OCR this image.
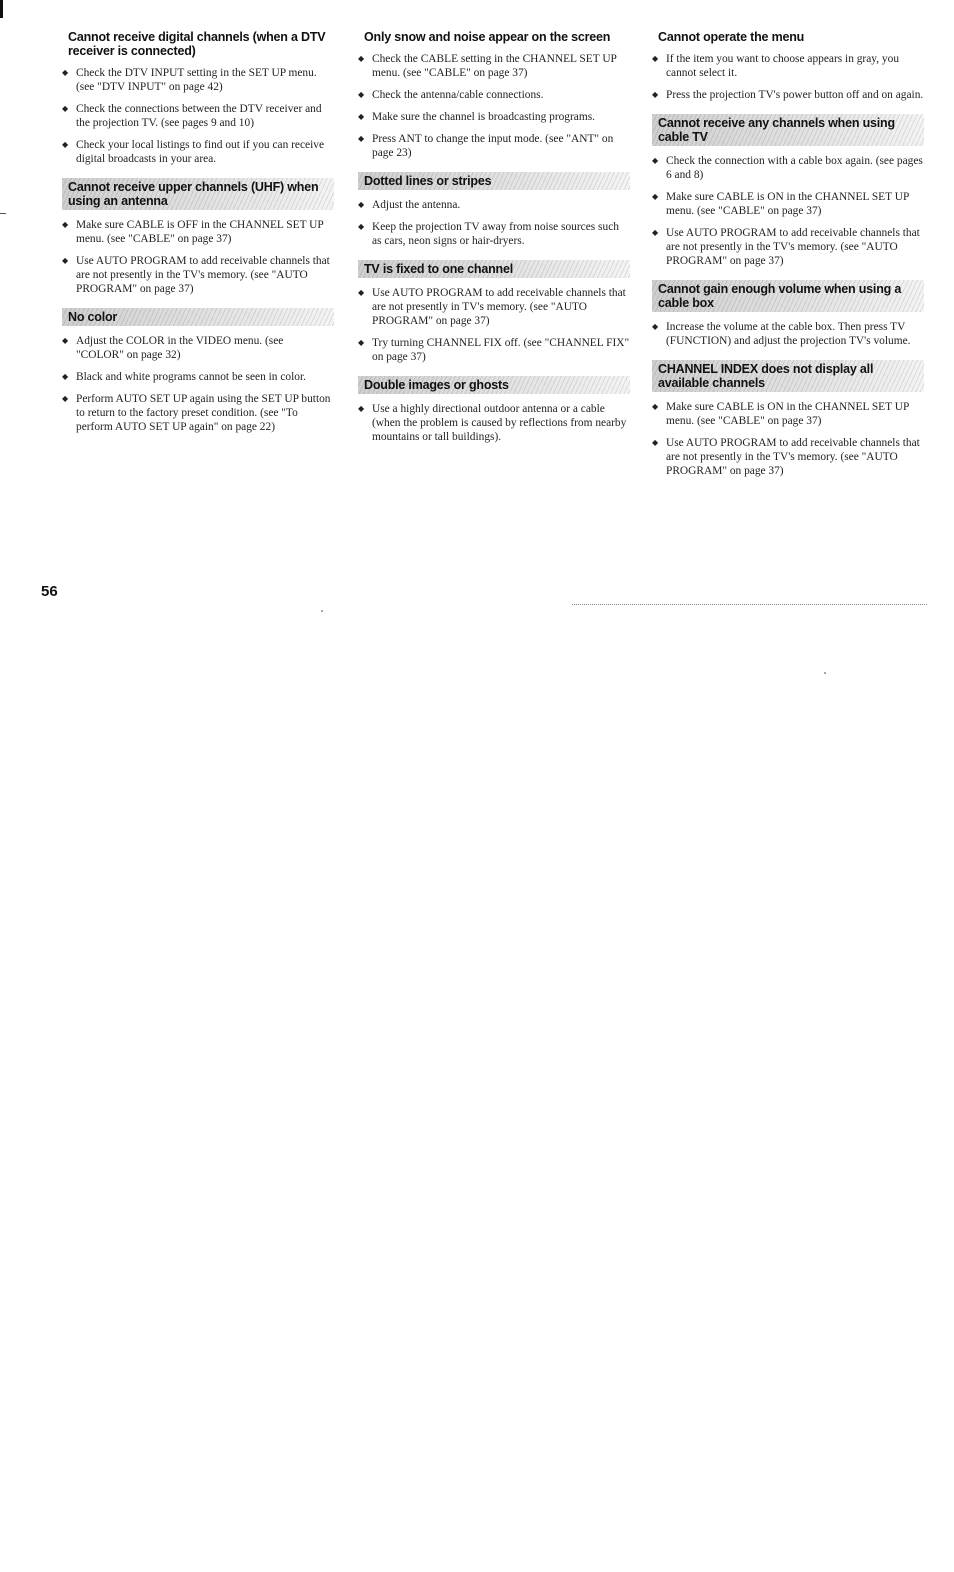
Cannot receive digital channels (when a DTV receiver is connected)
◆ Check the DTV INPUT setting in the SET UP menu. (see "DTV INPUT" on page 42)
◆ Check the connections between the DTV receiver and the projection TV. (see pages 9 and 10)
◆ Check your local listings to find out if you can receive digital broadcasts in your area.
Cannot receive upper channels (UHF) when using an antenna
◆ Make sure CABLE is OFF in the CHANNEL SET UP menu. (see "CABLE" on page 37)
◆ Use AUTO PROGRAM to add receivable channels that are not presently in the TV's memory. (see "AUTO PROGRAM" on page 37)
No color
◆ Adjust the COLOR in the VIDEO menu. (see "COLOR" on page 32)
◆ Black and white programs cannot be seen in color.
◆ Perform AUTO SET UP again using the SET UP button to return to the factory preset condition. (see "To perform AUTO SET UP again" on page 22)
Only snow and noise appear on the screen
◆ Check the CABLE setting in the CHANNEL SET UP menu. (see "CABLE" on page 37)
◆ Check the antenna/cable connections.
◆ Make sure the channel is broadcasting programs.
◆ Press ANT to change the input mode. (see "ANT" on page 23)
Dotted lines or stripes
◆ Adjust the antenna.
◆ Keep the projection TV away from noise sources such as cars, neon signs or hair-dryers.
TV is fixed to one channel
◆ Use AUTO PROGRAM to add receivable channels that are not presently in TV's memory. (see "AUTO PROGRAM" on page 37)
◆ Try turning CHANNEL FIX off. (see "CHANNEL FIX" on page 37)
Double images or ghosts
◆ Use a highly directional outdoor antenna or a cable (when the problem is caused by reflections from nearby mountains or tall buildings).
Cannot operate the menu
◆ If the item you want to choose appears in gray, you cannot select it.
◆ Press the projection TV's power button off and on again.
Cannot receive any channels when using cable TV
◆ Check the connection with a cable box again. (see pages 6 and 8)
◆ Make sure CABLE is ON in the CHANNEL SET UP menu. (see "CABLE" on page 37)
◆ Use AUTO PROGRAM to add receivable channels that are not presently in the TV's memory. (see "AUTO PROGRAM" on page 37)
Cannot gain enough volume when using a cable box
◆ Increase the volume at the cable box. Then press TV (FUNCTION) and adjust the projection TV's volume.
CHANNEL INDEX does not display all available channels
◆ Make sure CABLE is ON in the CHANNEL SET UP menu. (see "CABLE" on page 37)
◆ Use AUTO PROGRAM to add receivable channels that are not presently in the TV's memory. (see "AUTO PROGRAM" on page 37)
56
